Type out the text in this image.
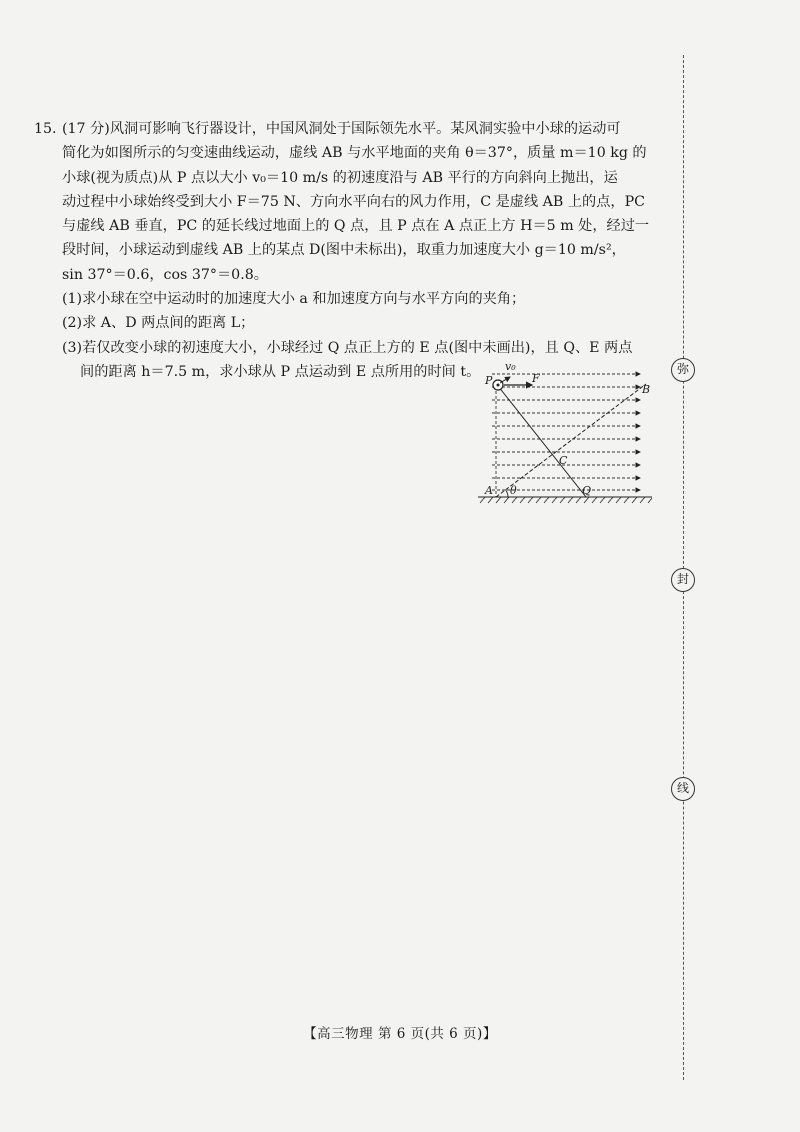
15. (17 分)风洞可影响飞行器设计，中国风洞处于国际领先水平。某风洞实验中小球的运动可
简化为如图所示的匀变速曲线运动，虚线 AB 与水平地面的夹角 θ＝37°，质量 m＝10 kg 的
小球(视为质点)从 P 点以大小 v₀＝10 m/s 的初速度沿与 AB 平行的方向斜向上抛出，运
动过程中小球始终受到大小 F＝75 N、方向水平向右的风力作用，C 是虚线 AB 上的点，PC
与虚线 AB 垂直，PC 的延长线过地面上的 Q 点，且 P 点在 A 点正上方 H＝5 m 处，经过一
段时间，小球运动到虚线 AB 上的某点 D(图中未标出)，取重力加速度大小 g＝10 m/s²，
sin 37°＝0.6，cos 37°＝0.8。
(1)求小球在空中运动时的加速度大小 a 和加速度方向与水平方向的夹角；
(2)求 A、D 两点间的距离 L；
(3)若仅改变小球的初速度大小，小球经过 Q 点正上方的 E 点(图中未画出)，且 Q、E 两点
间的距离 h＝7.5 m，求小球从 P 点运动到 E 点所用的时间 t。
P
v₀
F
B
C
A θ	Q
弥
封
线
【高三物理 第 6 页(共 6 页)】
